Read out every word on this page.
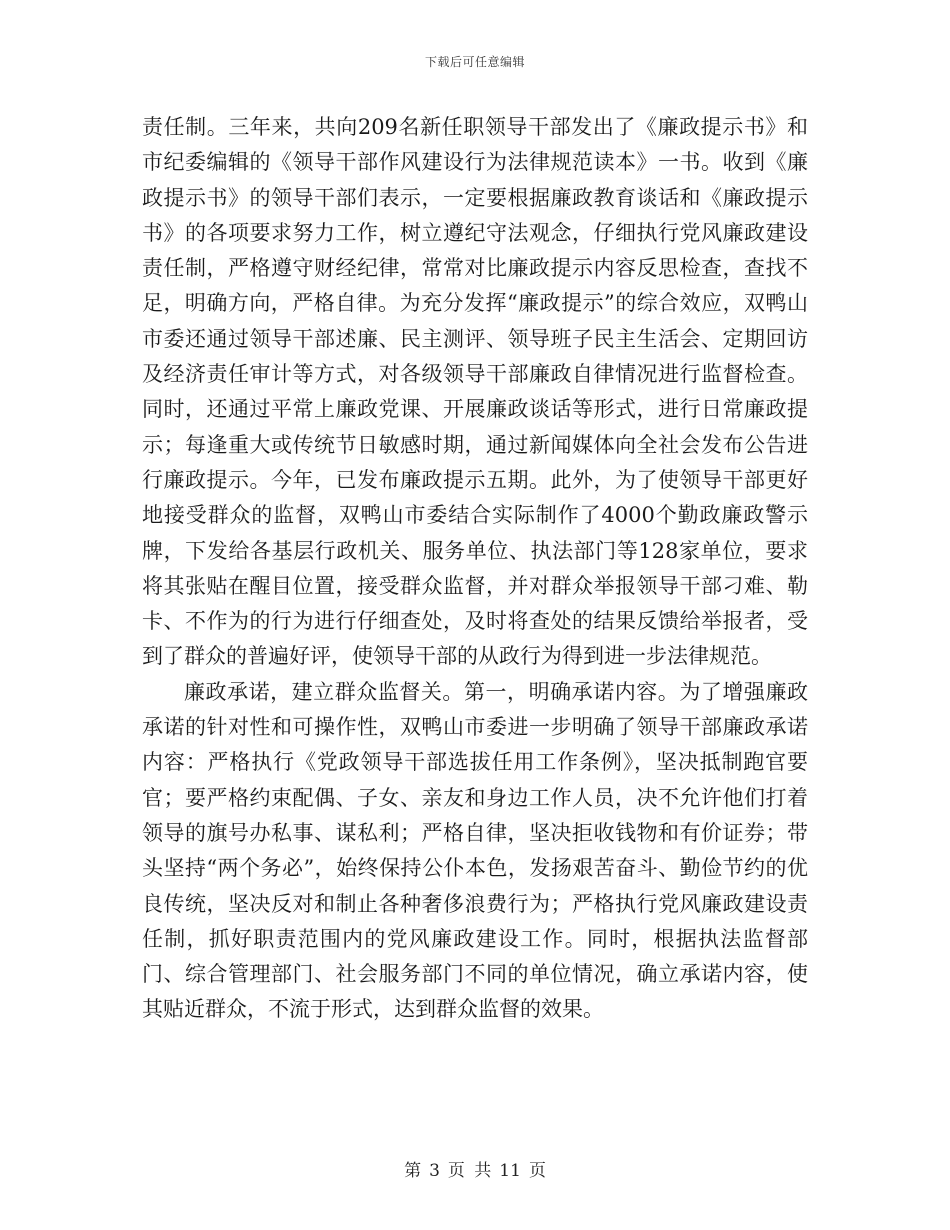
下载后可任意编辑

责任制。三年来，共向209名新任职领导干部发出了《廉政提示书》和市纪委编辑的《领导干部作风建设行为法律规范读本》一书。收到《廉政提示书》的领导干部们表示，一定要根据廉政教育谈话和《廉政提示书》的各项要求努力工作，树立遵纪守法观念，仔细执行党风廉政建设责任制，严格遵守财经纪律，常常对比廉政提示内容反思检查，查找不足，明确方向，严格自律。为充分发挥“廉政提示”的综合效应，双鸭山市委还通过领导干部述廉、民主测评、领导班子民主生活会、定期回访及经济责任审计等方式，对各级领导干部廉政自律情况进行监督检查。同时，还通过平常上廉政党课、开展廉政谈话等形式，进行日常廉政提示；每逢重大或传统节日敏感时期，通过新闻媒体向全社会发布公告进行廉政提示。今年，已发布廉政提示五期。此外，为了使领导干部更好地接受群众的监督，双鸭山市委结合实际制作了4000个勤政廉政警示牌，下发给各基层行政机关、服务单位、执法部门等128家单位，要求将其张贴在醒目位置，接受群众监督，并对群众举报领导干部刁难、勒卡、不作为的行为进行仔细查处，及时将查处的结果反馈给举报者，受到了群众的普遍好评，使领导干部的从政行为得到进一步法律规范。

廉政承诺，建立群众监督关。第一，明确承诺内容。为了增强廉政承诺的针对性和可操作性，双鸭山市委进一步明确了领导干部廉政承诺内容：严格执行《党政领导干部选拔任用工作条例》，坚决抵制跑官要官；要严格约束配偶、子女、亲友和身边工作人员，决不允许他们打着领导的旗号办私事、谋私利；严格自律，坚决拒收钱物和有价证券；带头坚持“两个务必”，始终保持公仆本色，发扬艰苦奋斗、勤俭节约的优良传统，坚决反对和制止各种奢侈浪费行为；严格执行党风廉政建设责任制，抓好职责范围内的党风廉政建设工作。同时，根据执法监督部门、综合管理部门、社会服务部门不同的单位情况，确立承诺内容，使其贴近群众，不流于形式，达到群众监督的效果。

第 3 页 共 11 页
